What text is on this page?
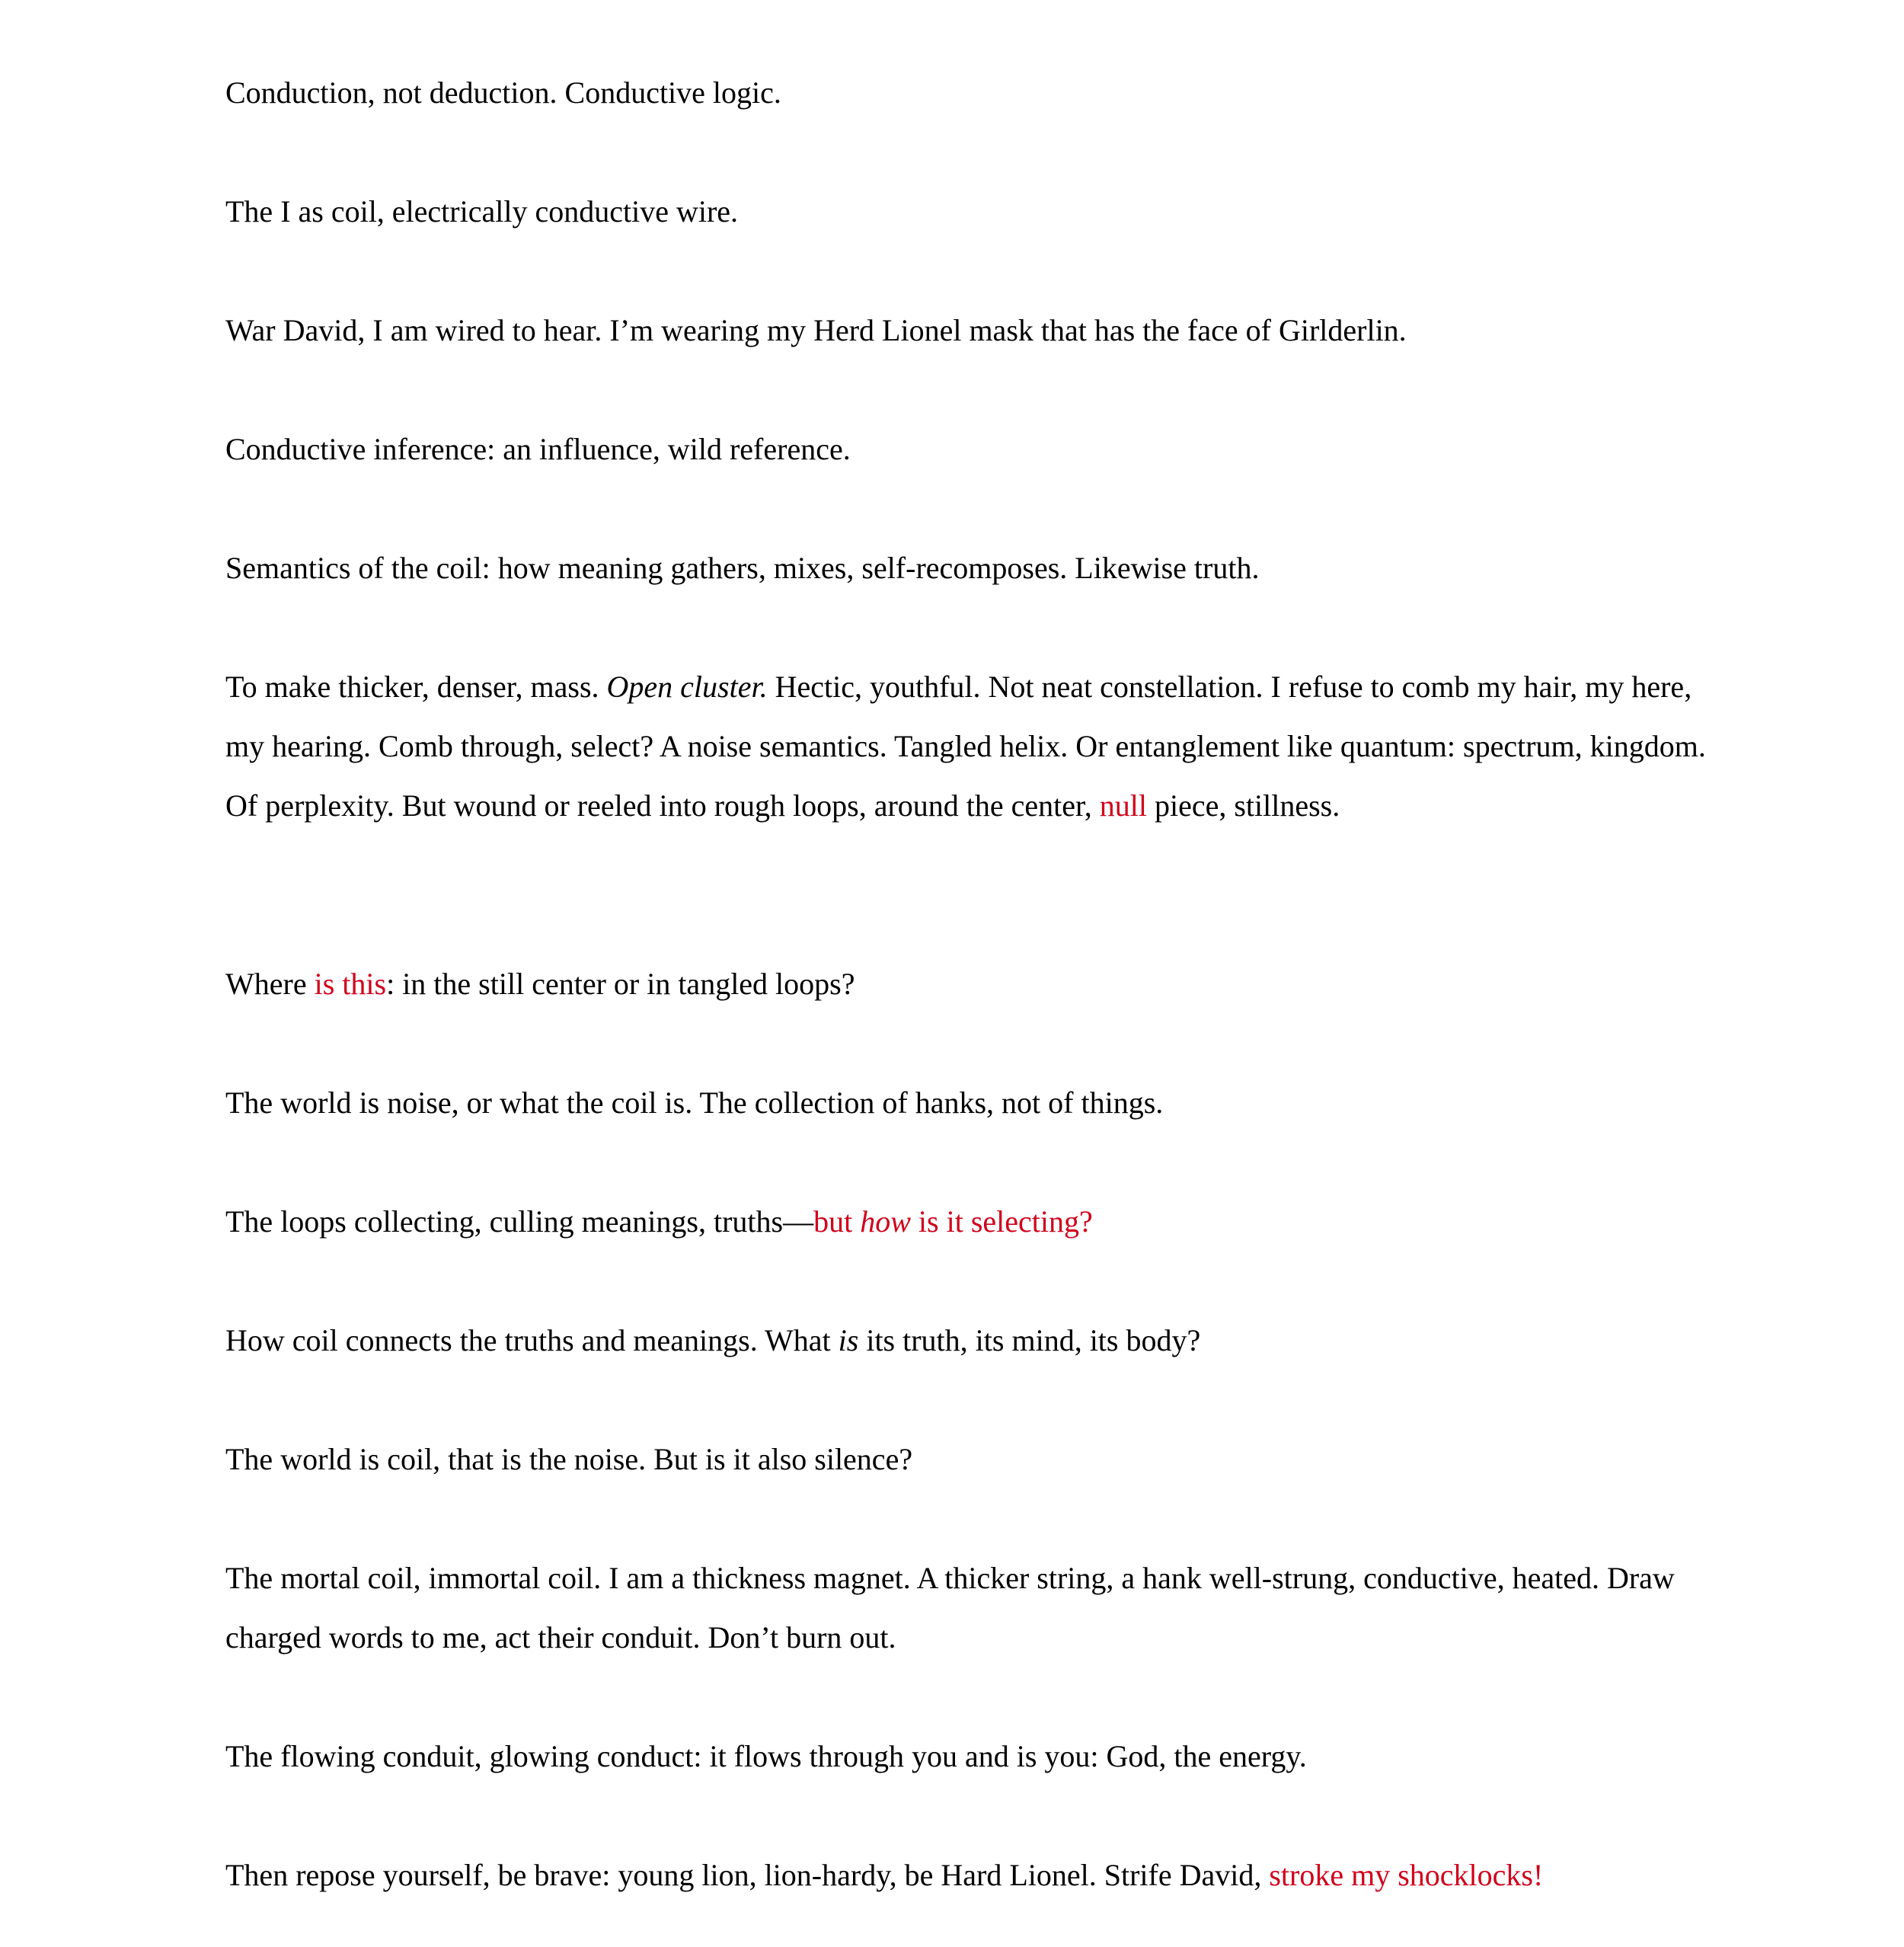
Conduction, not deduction. Conductive logic.

The I as coil, electrically conductive wire.

War David, I am wired to hear. I’m wearing my Herd Lionel mask that has the face of Girlderlin.

Conductive inference: an influence, wild reference.

Semantics of the coil: how meaning gathers, mixes, self-recomposes. Likewise truth.

To make thicker, denser, mass. Open cluster. Hectic, youthful. Not neat constellation. I refuse to comb my hair, my here, my hearing. Comb through, select? A noise semantics. Tangled helix. Or entanglement like quantum: spectrum, kingdom. Of perplexity. But wound or reeled into rough loops, around the center, null piece, stillness.

Where is this: in the still center or in tangled loops?

The world is noise, or what the coil is. The collection of hanks, not of things.

The loops collecting, culling meanings, truths—but how is it selecting?

How coil connects the truths and meanings. What is its truth, its mind, its body?

The world is coil, that is the noise. But is it also silence?

The mortal coil, immortal coil. I am a thickness magnet. A thicker string, a hank well-strung, conductive, heated. Draw charged words to me, act their conduit. Don’t burn out.

The flowing conduit, glowing conduct: it flows through you and is you: God, the energy.

Then repose yourself, be brave: young lion, lion-hardy, be Hard Lionel. Strife David, stroke my shocklocks!
